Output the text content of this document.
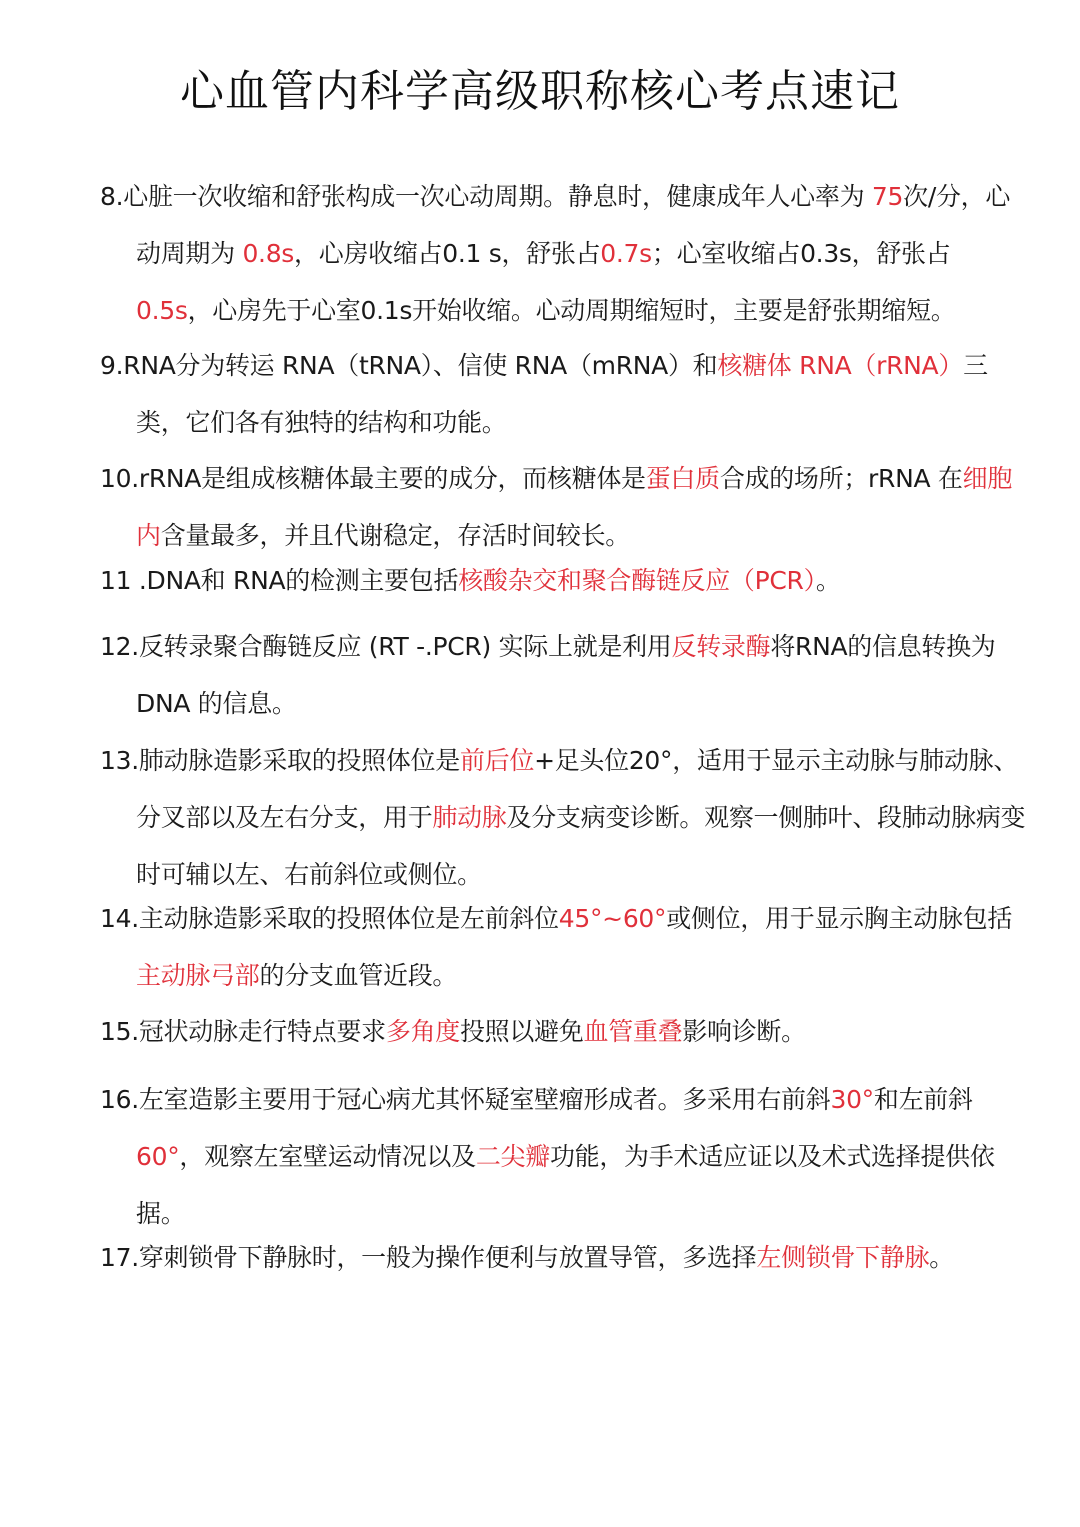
心血管内科学高级职称核心考点速记
8.心脏一次收缩和舒张构成一次心动周期。静息时，健康成年人心率为 75次/分，心动周期为 0.8s，心房收缩占0.1 s，舒张占0.7s；心室收缩占0.3s，舒张占 0.5s，心房先于心室0.1s开始收缩。心动周期缩短时，主要是舒张期缩短。
9.RNA分为转运 RNA（tRNA）、信使 RNA（mRNA）和核糖体 RNA（rRNA）三类，它们各有独特的结构和功能。
10.rRNA是组成核糖体最主要的成分，而核糖体是蛋白质合成的场所；rRNA 在细胞内含量最多，并且代谢稳定，存活时间较长。
11 .DNA和 RNA的检测主要包括核酸杂交和聚合酶链反应（PCR）。
12.反转录聚合酶链反应 (RT -.PCR) 实际上就是利用反转录酶将RNA的信息转换为 DNA 的信息。
13.肺动脉造影采取的投照体位是前后位+足头位20°，适用于显示主动脉与肺动脉、分叉部以及左右分支，用于肺动脉及分支病变诊断。观察一侧肺叶、段肺动脉病变时可辅以左、右前斜位或侧位。
14.主动脉造影采取的投照体位是左前斜位45°~60°或侧位，用于显示胸主动脉包括主动脉弓部的分支血管近段。
15.冠状动脉走行特点要求多角度投照以避免血管重叠影响诊断。
16.左室造影主要用于冠心病尤其怀疑室壁瘤形成者。多采用右前斜30°和左前斜 60°，观察左室壁运动情况以及二尖瓣功能，为手术适应证以及术式选择提供依据。
17.穿刺锁骨下静脉时，一般为操作便利与放置导管，多选择左侧锁骨下静脉。
